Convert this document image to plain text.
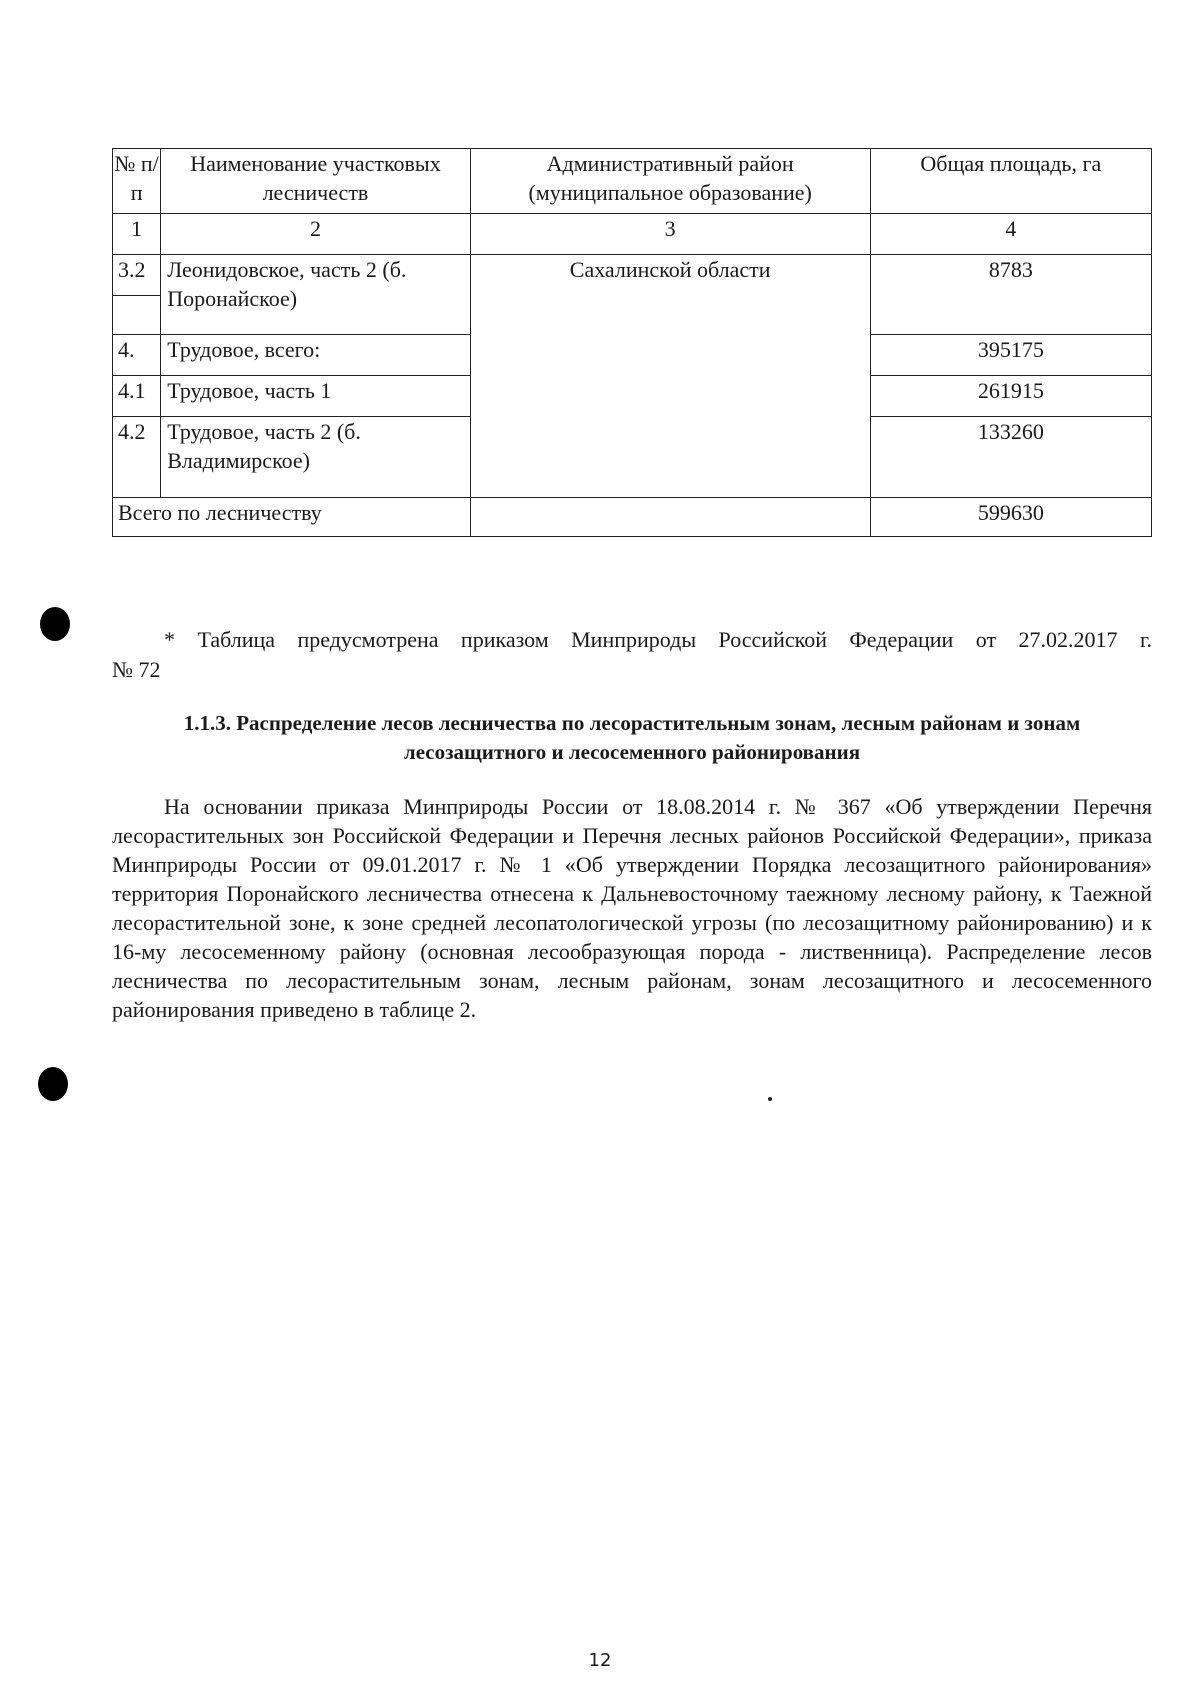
№ п/п	Наименование участковых лесничеств	Административный район (муниципальное образование)	Общая площадь, га
1	2	3	4
3.2	Леонидовское, часть 2 (б. Поронайское)	Сахалинской области	8783

4.	Трудовое, всего:		395175
4.1	Трудовое, часть 1		261915
4.2	Трудовое, часть 2 (б. Владимирское)		133260
Всего по лесничеству			599630
* Таблица предусмотрена приказом Минприроды Российской Федерации от 27.02.2017 г.
№ 72
1.1.3. Распределение лесов лесничества по лесорастительным зонам, лесным районам и зонам лесозащитного и лесосеменного районирования
На основании приказа Минприроды России от 18.08.2014 г. № 367 «Об утверждении Перечня лесорастительных зон Российской Федерации и Перечня лесных районов Российской Федерации», приказа Минприроды России от 09.01.2017 г. № 1 «Об утверждении Порядка лесозащитного районирования» территория Поронайского лесничества отнесена к Дальневосточному таежному лесному району, к Таежной лесорастительной зоне, к зоне средней лесопатологической угрозы (по лесозащитному районированию) и к 16-му лесосеменному району (основная лесообразующая порода - лиственница). Распределение лесов лесничества по лесорастительным зонам, лесным районам, зонам лесозащитного и лесосеменного районирования приведено в таблице 2.
12
